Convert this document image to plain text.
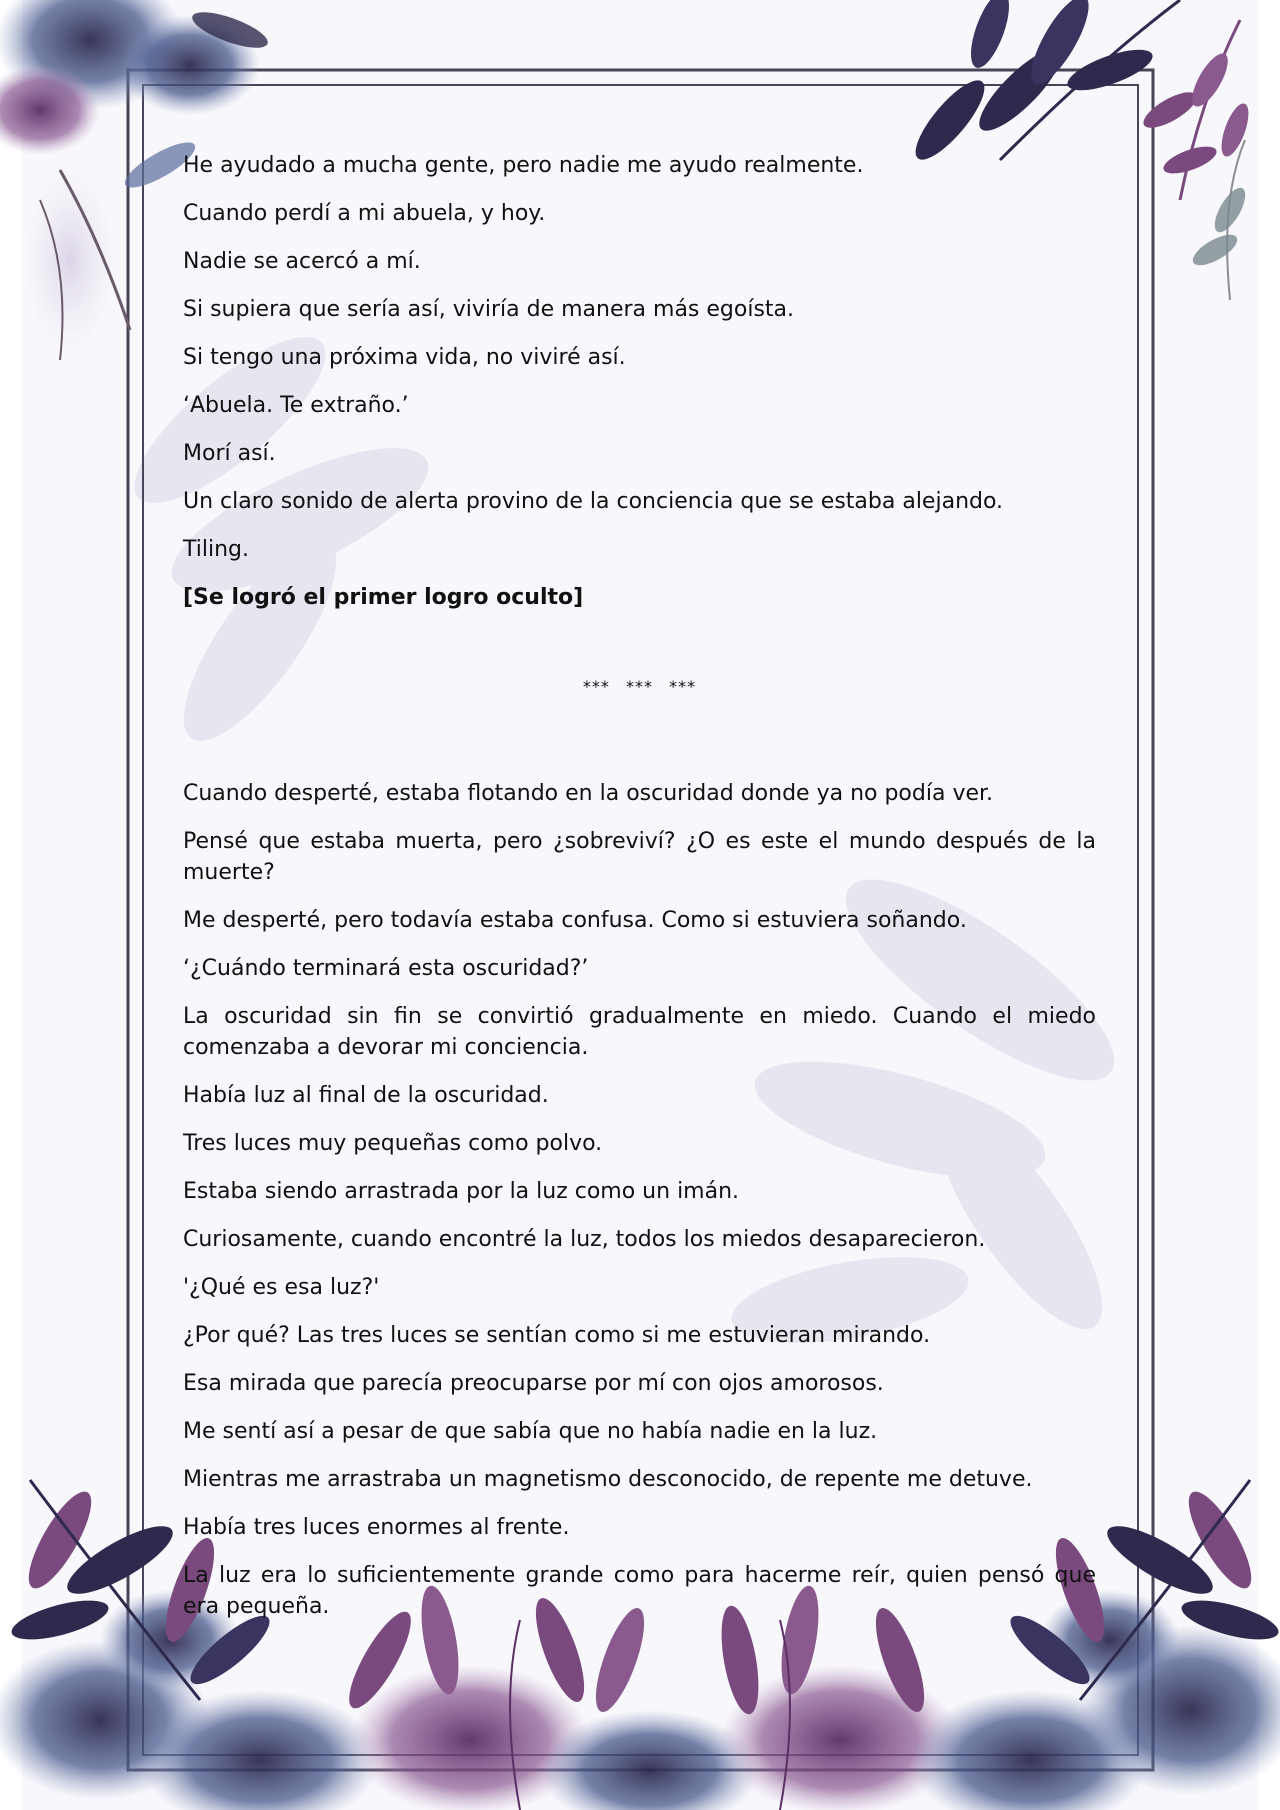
He ayudado a mucha gente, pero nadie me ayudo realmente.

Cuando perdí a mi abuela, y hoy.

Nadie se acercó a mí.

Si supiera que sería así, viviría de manera más egoísta.

Si tengo una próxima vida, no viviré así.

‘Abuela. Te extraño.’

Morí así.

Un claro sonido de alerta provino de la conciencia que se estaba alejando.

Tiling.

[Se logró el primer logro oculto]

*** *** ***

Cuando desperté, estaba flotando en la oscuridad donde ya no podía ver.

Pensé que estaba muerta, pero ¿sobreviví? ¿O es este el mundo después de la muerte?

Me desperté, pero todavía estaba confusa. Como si estuviera soñando.

‘¿Cuándo terminará esta oscuridad?’

La oscuridad sin fin se convirtió gradualmente en miedo. Cuando el miedo comenzaba a devorar mi conciencia.

Había luz al final de la oscuridad.

Tres luces muy pequeñas como polvo.

Estaba siendo arrastrada por la luz como un imán.

Curiosamente, cuando encontré la luz, todos los miedos desaparecieron.

'¿Qué es esa luz?'

¿Por qué? Las tres luces se sentían como si me estuvieran mirando.

Esa mirada que parecía preocuparse por mí con ojos amorosos.

Me sentí así a pesar de que sabía que no había nadie en la luz.

Mientras me arrastraba un magnetismo desconocido, de repente me detuve.

Había tres luces enormes al frente.

La luz era lo suficientemente grande como para hacerme reír, quien pensó que era pequeña.
